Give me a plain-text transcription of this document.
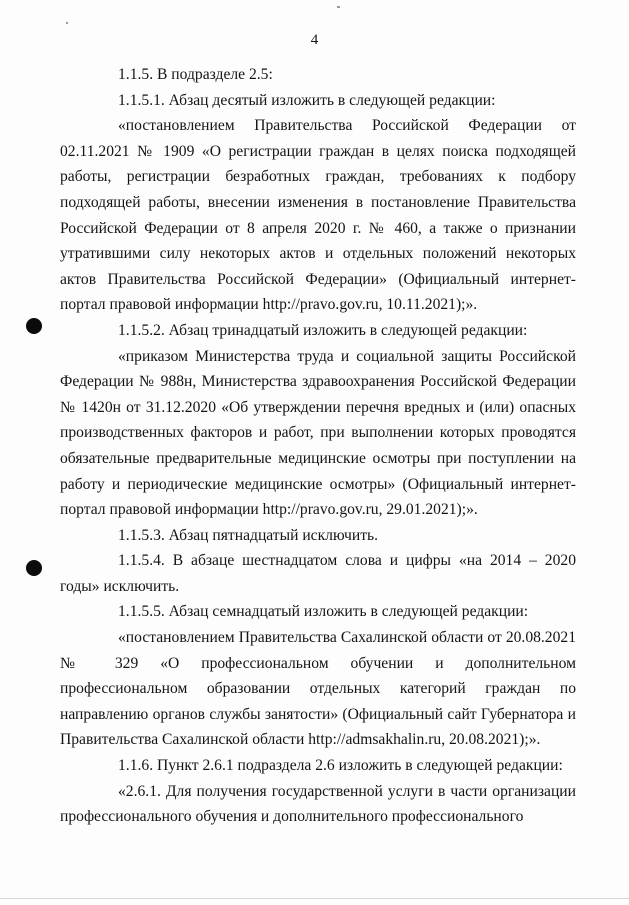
4

1.1.5. В подразделе 2.5:

1.1.5.1. Абзац десятый изложить в следующей редакции:

«постановлением Правительства Российской Федерации от 02.11.2021 № 1909 «О регистрации граждан в целях поиска подходящей работы, регистрации безработных граждан, требованиях к подбору подходящей работы, внесении изменения в постановление Правительства Российской Федерации от 8 апреля 2020 г. № 460, а также о признании утратившими силу некоторых актов и отдельных положений некоторых актов Правительства Российской Федерации» (Официальный интернет-портал правовой информации http://pravo.gov.ru, 10.11.2021);».

1.1.5.2. Абзац тринадцатый изложить в следующей редакции:

«приказом Министерства труда и социальной защиты Российской Федерации № 988н, Министерства здравоохранения Российской Федерации № 1420н от 31.12.2020 «Об утверждении перечня вредных и (или) опасных производственных факторов и работ, при выполнении которых проводятся обязательные предварительные медицинские осмотры при поступлении на работу и периодические медицинские осмотры» (Официальный интернет-портал правовой информации http://pravo.gov.ru, 29.01.2021);».

1.1.5.3. Абзац пятнадцатый исключить.

1.1.5.4. В абзаце шестнадцатом слова и цифры «на 2014 – 2020 годы» исключить.

1.1.5.5. Абзац семнадцатый изложить в следующей редакции:

«постановлением Правительства Сахалинской области от 20.08.2021 № 329 «О профессиональном обучении и дополнительном профессиональном образовании отдельных категорий граждан по направлению органов службы занятости» (Официальный сайт Губернатора и Правительства Сахалинской области http://admsakhalin.ru, 20.08.2021);».

1.1.6. Пункт 2.6.1 подраздела 2.6 изложить в следующей редакции:

«2.6.1. Для получения государственной услуги в части организации профессионального обучения и дополнительного профессионального
